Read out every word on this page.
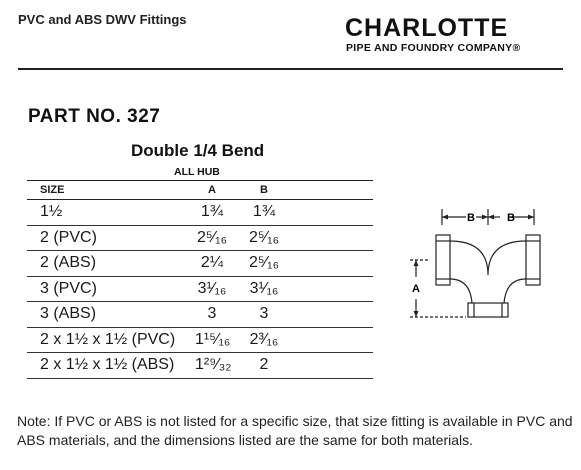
PVC and ABS DWV Fittings	CHARLOTTE
PIPE AND FOUNDRY COMPANY®
PART NO. 327
Double 1/4 Bend
ALL HUB
SIZE	A	B
1½	1¾	1¾
2 (PVC)	2⁵⁄₁₆ 2⁵⁄₁₆
2 (ABS)	2¼	2⁵⁄₁₆
3 (PVC)	3¹⁄₁₆ 3¹⁄₁₆
3 (ABS)	3	3
2 x 1½ x 1½ (PVC) 1¹⁵⁄₁₆ 2³⁄₁₆
2 x 1½ x 1½ (ABS) 1²⁹⁄₃₂	2
B	B
A
Note: If PVC or ABS is not listed for a specific size, that size fitting is available in PVC and ABS materials, and the dimensions listed are the same for both materials.
